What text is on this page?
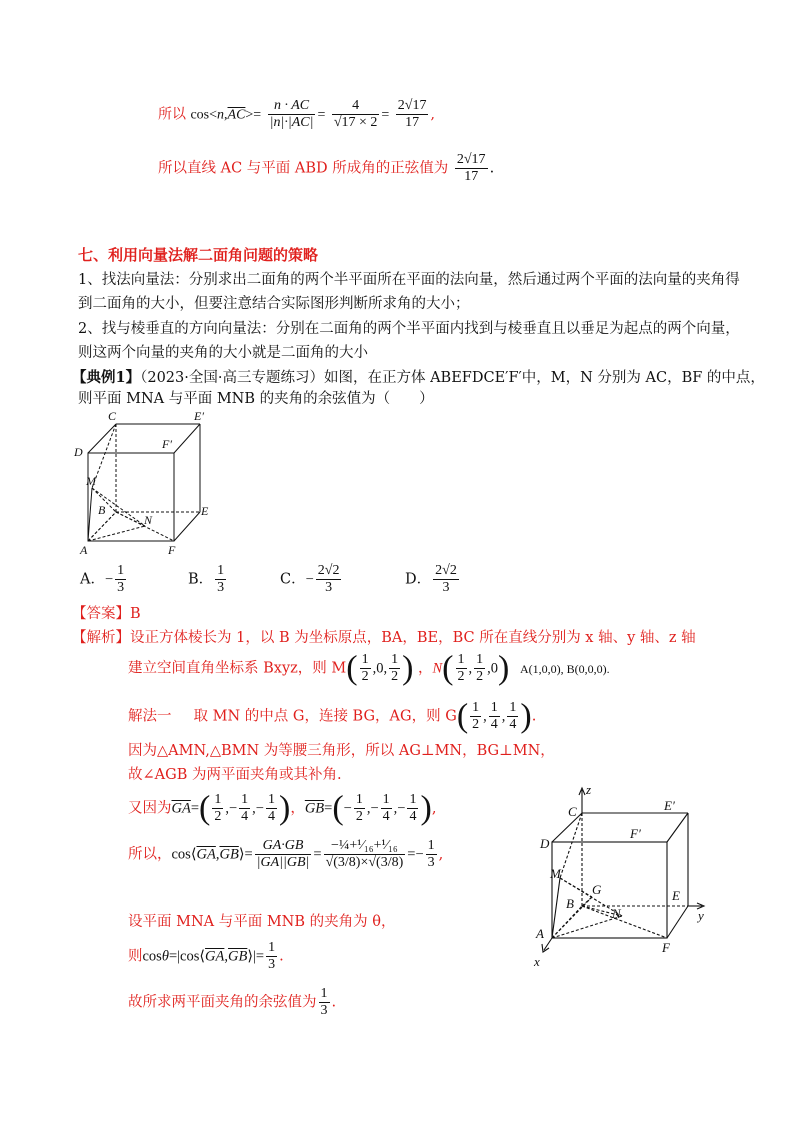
所以 $\cos<n,\overline{AC}>= \frac{n \cdot AC}{|n|\cdot|AC|} = \frac{4}{√17 \times 2} = \frac{2√17}{17}$ ,
所以直线 AC 与平面 ABD 所成角的正弦值为 $\frac{2√17}{17}$ .
七、利用向量法解二面角问题的策略
1、找法向量法：分别求出二面角的两个半平面所在平面的法向量，然后通过两个平面的法向量的夹角得
到二面角的大小，但要注意结合实际图形判断所求角的大小；
2、找与棱垂直的方向向量法：分别在二面角的两个半平面内找到与棱垂直且以垂足为起点的两个向量，
则这两个向量的夹角的大小就是二面角的大小
【典例1】（2023·全国·高三专题练习）如图，在正方体 ABEFDCE′F′中，M，N 分别为 AC，BF 的中点，
则平面 MNA 与平面 MNB 的夹角的余弦值为（　　）
C	E′
D
F′
M
B
N
E
A	F
A．− $\frac{1}{3}$	B． $\frac{1}{3}$	C．− $\frac{2√2}{3}$	D． $\frac{2√2}{3}$
【答案】B
【解析】设正方体棱长为 1，以 B 为坐标原点，BA，BE，BC 所在直线分别为 x 轴、y 轴、z 轴
建立空间直角坐标系 Bxyz，则 $M( \frac{1}{2} ,0$, $\frac{1}{2}$ ) ，$N( \frac{1}{2}$ , $\frac{1}{2} ,0$) A(1,0,0), B(0,0,0).
解法一 取 MN 的中点 G，连接 BG，AG，则 $G( \frac{1}{2}$ , $\frac{1}{4}$ , $\frac{1}{4}$ ).
因为△AMN,△BMN 为等腰三角形，所以 AG⊥MN，BG⊥MN，
故∠AGB 为两平面夹角或其补角.
又因为$\overline{GA}=( \frac{1}{2}$ ,− $\frac{1}{4}$ ,− $\frac{1}{4}$ )，$\overline{GB}=(- \frac{1}{2}$ ,− $\frac{1}{4}$ ,− $\frac{1}{4}$ ),
所以，$\cos⟨\overline{GA},\overline{GB}⟩= \frac{GA\cdot GB}{|GA||GB|} = \frac{\text{−¼+¹⁄₁₆+¹⁄₁₆}}{√(3/8)\times√(3/8)} =- \frac{1}{3}$ ,
设平面 MNA 与平面 MNB 的夹角为 θ，
则$\cos\theta=|\cos⟨\overline{GA},\overline{GB}⟩|= \frac{1}{3}$ .
故所求两平面夹角的余弦值为 $\frac{1}{3}$ .
z
C	E′
D
F′
M
G
B
N
E
y
A
F
x
